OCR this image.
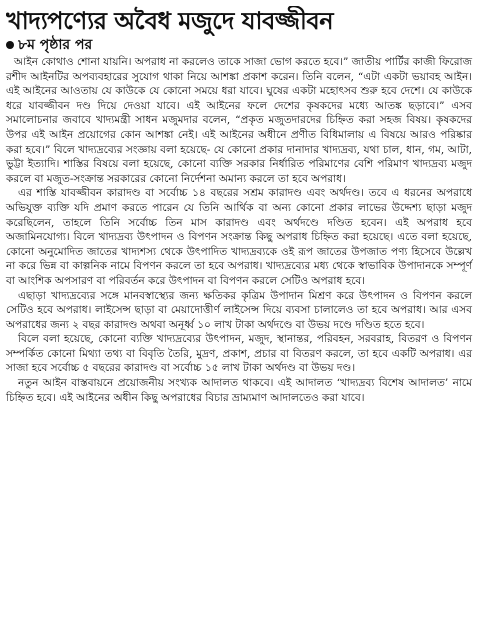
খাদ্যপণ্যের অবৈধ মজুদে যাবজ্জীবন
৮ম পৃষ্ঠার পর

আইন কোথাও শোনা যায়নি। অপরাধ না করলেও তাকে সাজা ভোগ করতে হবে।” জাতীয় পার্টির কাজী ফিরোজ রশীদ আইনটির অপব্যবহারের সুযোগ থাকা নিয়ে আশঙ্কা প্রকাশ করেন। তিনি বলেন, “এটা একটা ভয়াবহ আইন। এই আইনের আওতায় যে কাউকে যে কোনো সময়ে ধরা যাবে। ঘুষের একটা মহোৎসব শুরু হবে দেশে। যে কাউকে ধরে যাবজ্জীবন দণ্ড দিয়ে দেওয়া যাবে। এই আইনের ফলে দেশের কৃষকদের মধ্যে আতঙ্ক ছড়াবে।” এসব সমালোচনার জবাবে খাদ্যমন্ত্রী সাধন মজুমদার বলেন, “প্রকৃত মজুতদারদের চিহ্নিত করা সহজ বিষয়। কৃষকদের উপর এই আইন প্রয়োগের কোন আশঙ্কা নেই। এই আইনের অধীনে প্রণীত বিধিমালায় এ বিষয়ে আরও পরিষ্কার করা হবে।” বিলে খাদ্যদ্রব্যের সংজ্ঞায় বলা হয়েছে- যে কোনো প্রকার দানাদার খাদ্যদ্রব্য, যথা চাল, ধান, গম, আটা, ভুট্টা ইত্যাদি। শাস্তির বিষয়ে বলা হয়েছে, কোনো ব্যক্তি সরকার নির্ধারিত পরিমাণের বেশি পরিমাণ খাদ্যদ্রব্য মজুদ করলে বা মজুত-সংক্রান্ত সরকারের কোনো নির্দেশনা অমান্য করলে তা হবে অপরাধ।

এর শাস্তি যাবজ্জীবন কারাদণ্ড বা সর্বোচ্চ ১৪ বছরের সশ্রম কারাদণ্ড এবং অর্থদণ্ড। তবে এ ধরনের অপরাধে অভিযুক্ত ব্যক্তি যদি প্রমাণ করতে পারেন যে তিনি আর্থিক বা অন্য কোনো প্রকার লাভের উদ্দেশ্য ছাড়া মজুদ করেছিলেন, তাহলে তিনি সর্বোচ্চ তিন মাস কারাদণ্ড এবং অর্থদণ্ডে দণ্ডিত হবেন। এই অপরাধ হবে অজামিনযোগ্য। বিলে খাদ্যদ্রব্য উৎপাদন ও বিপণন সংক্রান্ত কিছু অপরাধ চিহ্নিত করা হয়েছে। এতে বলা হয়েছে, কোনো অনুমোদিত জাতের খাদ্যশস্য থেকে উৎপাদিত খাদ্যদ্রব্যকে ওই রূপ জাতের উপজাত পণ্য হিসেবে উল্লেখ না করে ভিন্ন বা কাল্পনিক নামে বিপণন করলে তা হবে অপরাধ। খাদ্যদ্রব্যের মধ্য থেকে স্বাভাবিক উপাদানকে সম্পূর্ণ বা আংশিক অপসারণ বা পরিবর্তন করে উৎপাদন বা বিপণন করলে সেটিও অপরাধ হবে।

এছাড়া খাদ্যদ্রব্যের সঙ্গে মানবস্বাস্থ্যের জন্য ক্ষতিকর কৃত্রিম উপাদান মিশ্রণ করে উৎপাদন ও বিপণন করলে সেটিও হবে অপরাধ। লাইসেন্স ছাড়া বা মেয়াদোত্তীর্ণ লাইসেন্স দিয়ে ব্যবসা চালালেও তা হবে অপরাধ। আর এসব অপরাধের জন্য ২ বছর কারাদণ্ড অথবা অনূর্ধ্ব ১০ লাখ টাকা অর্থদণ্ডে বা উভয় দণ্ডে দণ্ডিত হতে হবে।

বিলে বলা হয়েছে, কোনো ব্যক্তি খাদ্যদ্রব্যের উৎপাদন, মজুদ, স্থানান্তর, পরিবহন, সরবরাহ, বিতরণ ও বিপণন সম্পর্কিত কোনো মিথ্যা তথ্য বা বিবৃতি তৈরি, মুদ্রণ, প্রকাশ, প্রচার বা বিতরণ করলে, তা হবে একটি অপরাধ। এর সাজা হবে সর্বোচ্চ ৫ বছরের কারাদণ্ড বা সর্বোচ্চ ১৫ লাখ টাকা অর্থদণ্ড বা উভয় দণ্ড।

নতুন আইন বাস্তবায়নে প্রয়োজনীয় সংখ্যক আদালত থাকবে। এই আদালত ‘খাদ্যদ্রব্য বিশেষ আদালত’ নামে চিহ্নিত হবে। এই আইনের অধীন কিছু অপরাধের বিচার ভ্রাম্যমাণ আদালতেও করা যাবে।
